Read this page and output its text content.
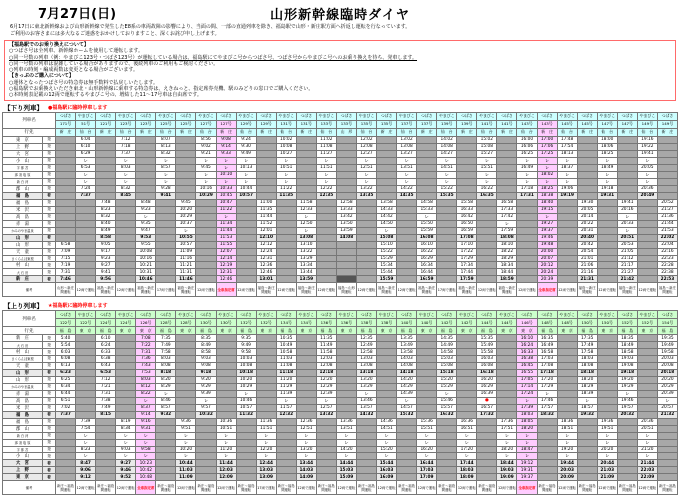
7月27日(日)	山形新幹線臨時ダイヤ

6月17日に東北新幹線および山形新幹線で発生したE8系の車両故障の影響により、当面の間、一部の直通列車を除き、福島駅で山形・新庄駅方面へ折返し運転を行なっています。

ご利用のお客さまには多大なるご迷惑をおかけしておりますこと、深くお詫び申し上げます。

【福島駅でのお乗り換えについて】

○つばさ号は全列車、新幹線ホームを使用して運転します。

○同一号数の列車（例：やまびこ123号・つばさ123号）が運転している場合は、福島駅にてやまびこ号からつばさ号、つばさ号からやまびこ号へのお乗り換えを待ち、発車します。

○同一号数の列車は混雑している場合がありますので、後続列車のご利用もご検討ください。

○列車の時刻・編成両数は変更となる場合がございます。

【きっぷのご購入について】

○運休となったつばさ号の特急券は無手数料で払戻しいたします。

○福島駅でお乗換えいただき東北・山形新幹線に乗車する特急券は、えきねっと、指定席券売機、駅のみどりの窓口でご購入ください。

○本時刻表記載の12両で運転するやまびこ号の、増結した11～17号車は自由席です。

【下り列車】 ●福島駅に臨時停車します
列車名		つばさ	やまびこ	つばさ	やまびこ	つばさ	やまびこ	つばさ	やまびこ	つばさ	やまびこ	つばさ	やまびこ	つばさ	やまびこ	つばさ	やまびこ	つばさ	やまびこ	つばさ	やまびこ	つばさ	やまびこ	つばさ	やまびこ	つばさ	やまびこ	つばさ	やまびこ	つばさ	やまびこ	つばさ
		171号	51号	121号	123号	123号	125号	125号	127号	127号	129号	129号	131号	131号	133号	133号	135号	135号	137号	137号	139号	139号	141号	141号	143号	143号	145号	145号	147号	147号	149号	149号
行先		新　庄	仙　台	新　庄	仙　台	新　庄	仙　台	新　庄	仙　台	新　庄	仙　台	新　庄	仙　台	新　庄	仙　台	山　形	仙　台	新　庄	仙　台	新　庄	仙　台	新　庄	仙　台	新　庄	仙　台	新　庄	仙　台	新　庄	仙　台	新　庄	仙　台	新　庄
東　京	発		6:04		7:12		8:07		8:56	9:08	9:24		10:02		11:02		12:02		13:02		14:02		15:02		16:00	17:00	17:48		18:00		19:16	
上　野	発		6:10		7:18		8:13		9:02	9:14	9:30		10:08		11:08		12:08		13:08		14:08		15:08		16:06	17:06	17:54		18:06		19:22	
大　宮	発		6:29		7:37		8:32		9:21	9:33	9:49		10:27		11:27		12:27		13:27		14:27		15:27		16:25	17:25	18:13		18:25		19:41	
小　山	発		レ		レ		レ		レ	レ	レ		レ		レ		レ		レ		レ		レ		レ	レ	レ		レ		レ	
宇 都 宮	発		6:53		8:03		8:57		9:45	レ	10:13		10:51		11:51		12:51		13:51		14:51		15:51		16:49	レ	18:37		18:49		20:05	
那 須 塩 原	発		レ		レ		レ		レ	10:10	レ		レ		レ		レ		レ		レ		レ		レ	18:02	レ		レ		レ	
新 白 河	発		レ		レ		レ		レ	レ	レ		レ		レ		レ		レ		レ		レ		レ	レ	レ		レ		レ	
郡　山	発		7:24		8:32		9:28		10:16	10:33	10:44		11:22		12:22		13:22		14:22		15:22		16:22		17:18	18:25	19:06		19:18		20:36	
福　島	着		7:37		8:45		9:41		10:29	10:45	10:57		11:35		12:35		13:35		14:35		15:35		16:35		17:31	18:38	19:19		19:31		20:49	
福　島	発			7:48		8:48		9:45		10:47		11:00		11:58		12:58		13:58		14:58		15:58		16:58		18:40		19:30		19:41		20:52
米　沢	発			8:23		9:23		10:20		11:22		11:35		12:33		13:33		14:33		15:33		16:33		17:33		19:15		20:05		20:16		21:27
高　畠	発			8:32		レ		10:29		レ		11:44		レ		13:42		14:42		レ		16:42		17:42		レ		20:14		レ		21:36
赤　湯	発			8:40		9:35		10:37		11:34		11:52		12:50		13:50		14:50		15:50		16:50		レ		19:27		20:22		20:33		21:44
かみのやま温泉	発			8:49		9:47		レ		11:44		12:01		レ		13:59		レ		15:59		16:59		17:59		19:37		20:31		レ		21:53
山　形	着			8:58		9:53		10:55		11:53		12:10		13:08		14:08		15:08		16:08		17:08		18:08		19:46		20:40		20:51		22:02
山　形	発	6:58		9:05		9:55		10:57		11:55		12:12		13:10				15:10		16:10		17:10		18:10		19:48		20:42		20:53		22:04
天　童	発	7:09		9:17		10:08		11:09		12:07		12:24		13:22				15:22		16:22		17:22		18:22		20:00		20:54		21:05		22:16
さくらんぼ東根	発	7:15		9:23		10:16		11:16		12:14		12:31		13:29				15:29		16:29		17:29		18:29		20:07		21:01		21:12		22:23
村　山	発	7:19		9:27		10:21		11:21		12:19		12:36		13:34				15:34		16:34		17:34		18:34		20:12		21:06		21:17		22:28
大 石 田	発	7:31		9:41		10:31		11:31		12:31		12:46		13:44				15:44		16:44		17:44		18:44		20:24		21:16		21:27		22:38
新　庄	着	7:46		9:56		10:46		11:46		12:46		13:01		13:59				15:59		16:59		17:59		18:59		20:39		21:31		21:42		22:53
備考		山形～新庄間運転	12両で運転	福島～新庄間運転	12両で運転	福島～新庄間運転	17両で運転	福島～新庄間運転	12両で運転	全車指定席	12両で運転	福島～新庄間運転	12両で運転	福島～新庄間運転	12両で運転	福島～山形間運転	12両で運転	福島～新庄間運転	12両で運転	福島～新庄間運転	17両で運転	福島～新庄間運転	12両で運転	福島～新庄間運転	12両で運転	全車指定席	12両で運転	福島～新庄間運転	12両で運転	福島～新庄間運転	12両で運転	福島～新庄間運転
【上り列車】 ★福島駅に臨時停車します
列車名		つばさ	やまびこ	つばさ	やまびこ	つばさ	つばさ	やまびこ	つばさ	やまびこ	つばさ	やまびこ	つばさ	やまびこ	つばさ	やまびこ	つばさ	やまびこ	つばさ	やまびこ	つばさ	やまびこ	つばさ	やまびこ	つばさ	つばさ	やまびこ	つばさ	やまびこ	つばさ	やまびこ	つばさ
		122号	122号	124号	124号	126号	128号	128号	130号	130号	132号	132号	134号	134号	136号	136号	138号	138号	140号	140号	142号	142号	144号	144号	146号	148号	148号	150号	150号	152号	152号	154号
行先		福　島	東　京	福　島	東　京	東　京	福　島	東　京	福　島	東　京	福　島	東　京	福　島	東　京	福　島	東　京	福　島	東　京	福　島	東　京	福　島	東　京	福　島	東　京	東　京	福　島	東　京	福　島	東　京	福　島	東　京	福　島
新　庄	発	5:40		6:10		7:08	7:35		8:35		9:35		10:35		11:35		12:35		13:35		14:35		15:35		16:10	16:35		17:35		18:35		19:35
大 石 田	発	5:54		6:24		7:22	7:49		8:49		9:49		10:49		11:49		12:49		13:49		14:49		15:49		16:24	16:49		17:49		18:49		19:49
村　山	発	6:03		6:33		7:31	7:58		8:58		9:58		10:58		11:58		12:58		13:58		14:58		15:58		16:33	16:58		17:58		18:58		19:58
さくらんぼ東根	発	6:08		6:38		7:36	8:03		9:03		10:03		11:03		12:03		13:03		14:03		15:03		16:03		16:38	17:03		18:03		19:03		20:03
天　童	発	6:13		6:43		7:43	8:08		9:08		10:08		11:08		12:08		13:08		14:08		15:08		16:08		16:45	17:08		18:08		19:08		20:08
山　形	着	6:23		6:53		7:53	8:18		9:18		10:18		11:18		12:18		13:18		14:18		15:18		16:18		16:55	17:18		18:18		19:18		20:18
山　形	発	6:25		7:12		8:03	8:20		9:20		10:20		11:20		12:20		13:20		14:20		15:20		16:20		17:05	17:20		18:20		19:20		20:20
かみのやま温泉	発	6:34		7:21		8:12	8:29		9:29		10:29		11:29		12:29		13:29		14:29		15:29		16:29		17:14	17:29		18:29		19:29		20:29
赤　湯	発	6:44		7:31		8:22	レ		9:39		レ		11:39		12:39		レ		14:39		レ		16:39		17:24	レ		18:39		レ		20:39
高　畠	発	6:51		7:38		レ	8:46		レ		10:46		レ		レ		13:46		レ		15:46		●		レ	17:46		レ		19:46		レ
米　沢	発	7:02		7:49		8:37	8:57		9:57		10:57		11:57		12:57		13:57		14:57		15:57		16:57		17:39	17:57		18:57		19:57		20:57
福　島	着	7:37		8:15		9:14	9:32		10:32		11:32		12:32		13:32		14:32		15:32		16:32		17:32		18:03	18:32		19:32		20:32		21:32
福　島	発		7:39		8:19	9:16		9:36		10:36		11:36		12:36		13:36		14:36		15:36		16:36		17:36	18:05		18:36		19:36		20:36	
郡　山	発		7:54		8:34	9:31		9:51		10:51		11:51		12:51		13:51		14:51		15:51		16:51		17:51	18:20		18:51		19:51		20:51	
新 白 河	発		レ		レ	レ		レ		レ		レ		レ		レ		レ		レ		レ		レ	レ		レ		レ		レ	
那 須 塩 原	発		レ		レ	レ		レ		レ		レ		レ		レ		レ		レ		レ		レ	レ		レ		レ		レ	
宇 都 宮	発		8:23		9:03	9:58		10:20		11:20		12:20		13:20		14:20		15:20		16:20		17:20		18:20	18:47		19:20		20:20		21:20	
小　山	発		レ		レ	レ		レ		レ		レ		レ		レ		レ		レ		レ		レ	レ		レ		レ		レ	
大　宮	着		8:47		9:27	10:23		10:44		11:44		12:44		13:44		14:44		15:44		16:44		17:44		18:44	19:12		19:44		20:44		21:44	
上　野	着		9:06		9:46	10:42		11:03		12:03		13:03		14:03		15:03		16:03		17:03		18:03		19:03	19:31		20:03		21:03		22:03	
東　京	着		9:12		9:52	10:48		11:09		12:09		13:09		14:09		15:09		16:09		17:09		18:09		19:09	19:37		20:09		21:09		22:09	
備考		新庄～福島間運転	12両で運転	新庄～福島間運転	12両で運転	全車指定席	新庄～福島間運転	12両で運転	新庄～福島間運転	12両で運転	新庄～福島間運転	17両で運転	新庄～福島間運転	12両で運転	新庄～福島間運転	12両で運転	新庄～福島間運転	12両で運転	新庄～福島間運転	12両で運転	新庄～福島間運転	12両で運転	新庄～福島間運転	12両で運転	全車指定席	新庄～福島間運転	12両で運転	新庄～福島間運転	12両で運転	新庄～福島間運転	12両で運転	新庄～福島間運転
